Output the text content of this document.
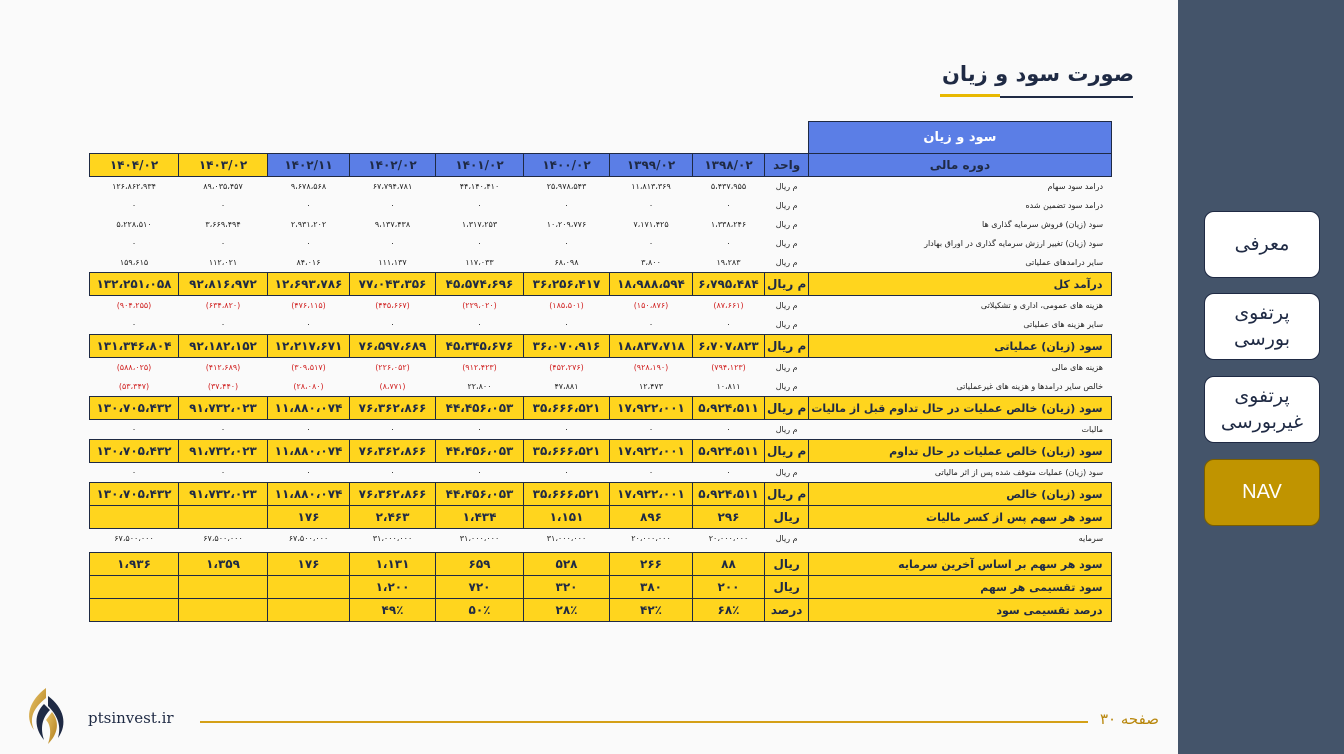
صورت سود و زیان
									سود و زیان
۱۴۰۴/۰۲	۱۴۰۳/۰۲	۱۴۰۲/۱۱	۱۴۰۲/۰۲	۱۴۰۱/۰۲	۱۴۰۰/۰۲	۱۳۹۹/۰۲	۱۳۹۸/۰۲	واحد	دوره مالی
۱۲۶،۸۶۲،۹۳۴	۸۹،۰۳۵،۴۵۷	۹،۶۷۸،۵۶۸	۶۷،۷۹۴،۷۸۱	۴۴،۱۴۰،۴۱۰	۲۵،۹۷۸،۵۴۳	۱۱،۸۱۳،۳۶۹	۵،۴۳۷،۹۵۵	م ریال	درامد سود سهام
۰	۰	۰	۰	۰	۰	۰	۰	م ریال	درامد سود تضمین شده
۵،۲۲۸،۵۱۰	۳،۶۶۹،۴۹۴	۲،۹۳۱،۲۰۲	۹،۱۳۷،۴۳۸	۱،۳۱۷،۲۵۳	۱۰،۲۰۹،۷۷۶	۷،۱۷۱،۴۲۵	۱،۳۳۸،۲۴۶	م ریال	سود (زیان) فروش سرمایه گذاری ها
۰	۰	۰	۰	۰	۰	۰	۰	م ریال	سود (زیان) تغییر ارزش سرمایه گذاری در اوراق بهادار
۱۵۹،۶۱۵	۱۱۲،۰۲۱	۸۴،۰۱۶	۱۱۱،۱۳۷	۱۱۷،۰۳۳	۶۸،۰۹۸	۳،۸۰۰	۱۹،۲۸۳	م ریال	سایر درامدهای عملیاتی
۱۳۲،۲۵۱،۰۵۸	۹۲،۸۱۶،۹۷۲	۱۲،۶۹۳،۷۸۶	۷۷،۰۴۳،۳۵۶	۴۵،۵۷۴،۶۹۶	۳۶،۲۵۶،۴۱۷	۱۸،۹۸۸،۵۹۴	۶،۷۹۵،۴۸۴	م ریال	درآمد کل
(۹۰۴،۲۵۵)	(۶۳۴،۸۲۰)	(۴۷۶،۱۱۵)	(۴۴۵،۶۶۷)	(۲۲۹،۰۲۰)	(۱۸۵،۵۰۱)	(۱۵۰،۸۷۶)	(۸۷،۶۶۱)	م ریال	هزینه های عمومی، اداری و تشکیلاتی
۰	۰	۰	۰	۰	۰	۰	۰	م ریال	سایر هزینه های عملیاتی
۱۳۱،۳۴۶،۸۰۴	۹۲،۱۸۲،۱۵۲	۱۲،۲۱۷،۶۷۱	۷۶،۵۹۷،۶۸۹	۴۵،۳۴۵،۶۷۶	۳۶،۰۷۰،۹۱۶	۱۸،۸۳۷،۷۱۸	۶،۷۰۷،۸۲۳	م ریال	سود (زیان) عملیاتی
(۵۸۸،۰۲۵)	(۴۱۲،۶۸۹)	(۳۰۹،۵۱۷)	(۲۲۶،۰۵۲)	(۹۱۲،۴۲۳)	(۴۵۲،۲۷۶)	(۹۲۸،۱۹۰)	(۷۹۴،۱۲۳)	م ریال	هزینه های مالی
(۵۳،۳۴۷)	(۳۷،۴۴۰)	(۲۸،۰۸۰)	(۸،۷۷۱)	۲۲،۸۰۰	۴۷،۸۸۱	۱۲،۴۷۳	۱۰،۸۱۱	م ریال	خالص سایر درامدها و هزینه های غیرعملیاتی
۱۳۰،۷۰۵،۴۳۲	۹۱،۷۳۲،۰۲۳	۱۱،۸۸۰،۰۷۴	۷۶،۳۶۲،۸۶۶	۴۴،۴۵۶،۰۵۳	۳۵،۶۶۶،۵۲۱	۱۷،۹۲۲،۰۰۱	۵،۹۲۴،۵۱۱	م ریال	سود (زیان) خالص عملیات در حال تداوم قبل از مالیات
۰	۰	۰	۰	۰	۰	۰	۰	م ریال	مالیات
۱۳۰،۷۰۵،۴۳۲	۹۱،۷۳۲،۰۲۳	۱۱،۸۸۰،۰۷۴	۷۶،۳۶۲،۸۶۶	۴۴،۴۵۶،۰۵۳	۳۵،۶۶۶،۵۲۱	۱۷،۹۲۲،۰۰۱	۵،۹۲۴،۵۱۱	م ریال	سود (زیان) خالص عملیات در حال تداوم
۰	۰	۰	۰	۰	۰	۰	۰	م ریال	سود (زیان) عملیات متوقف شده پس از اثر مالیاتی
۱۳۰،۷۰۵،۴۳۲	۹۱،۷۳۲،۰۲۳	۱۱،۸۸۰،۰۷۴	۷۶،۳۶۲،۸۶۶	۴۴،۴۵۶،۰۵۳	۳۵،۶۶۶،۵۲۱	۱۷،۹۲۲،۰۰۱	۵،۹۲۴،۵۱۱	م ریال	سود (زیان) خالص
		۱۷۶	۲،۴۶۳	۱،۴۳۴	۱،۱۵۱	۸۹۶	۲۹۶	ریال	سود هر سهم پس از کسر مالیات
۶۷،۵۰۰،۰۰۰	۶۷،۵۰۰،۰۰۰	۶۷،۵۰۰،۰۰۰	۳۱،۰۰۰،۰۰۰	۳۱،۰۰۰،۰۰۰	۳۱،۰۰۰،۰۰۰	۲۰،۰۰۰،۰۰۰	۲۰،۰۰۰،۰۰۰	م ریال	سرمایه

۱،۹۳۶	۱،۳۵۹	۱۷۶	۱،۱۳۱	۶۵۹	۵۲۸	۲۶۶	۸۸	ریال	سود هر سهم بر اساس آخرین سرمایه
			۱،۲۰۰	۷۲۰	۳۲۰	۳۸۰	۲۰۰	ریال	سود تقسیمی هر سهم
			۴۹٪	۵۰٪	۲۸٪	۴۲٪	۶۸٪	درصد	درصد تقسیمی سود
معرفی
پرتفوی
بورسی
پرتفوی
غیربورسی
NAV
ptsinvest.ir	صفحه ۳۰
